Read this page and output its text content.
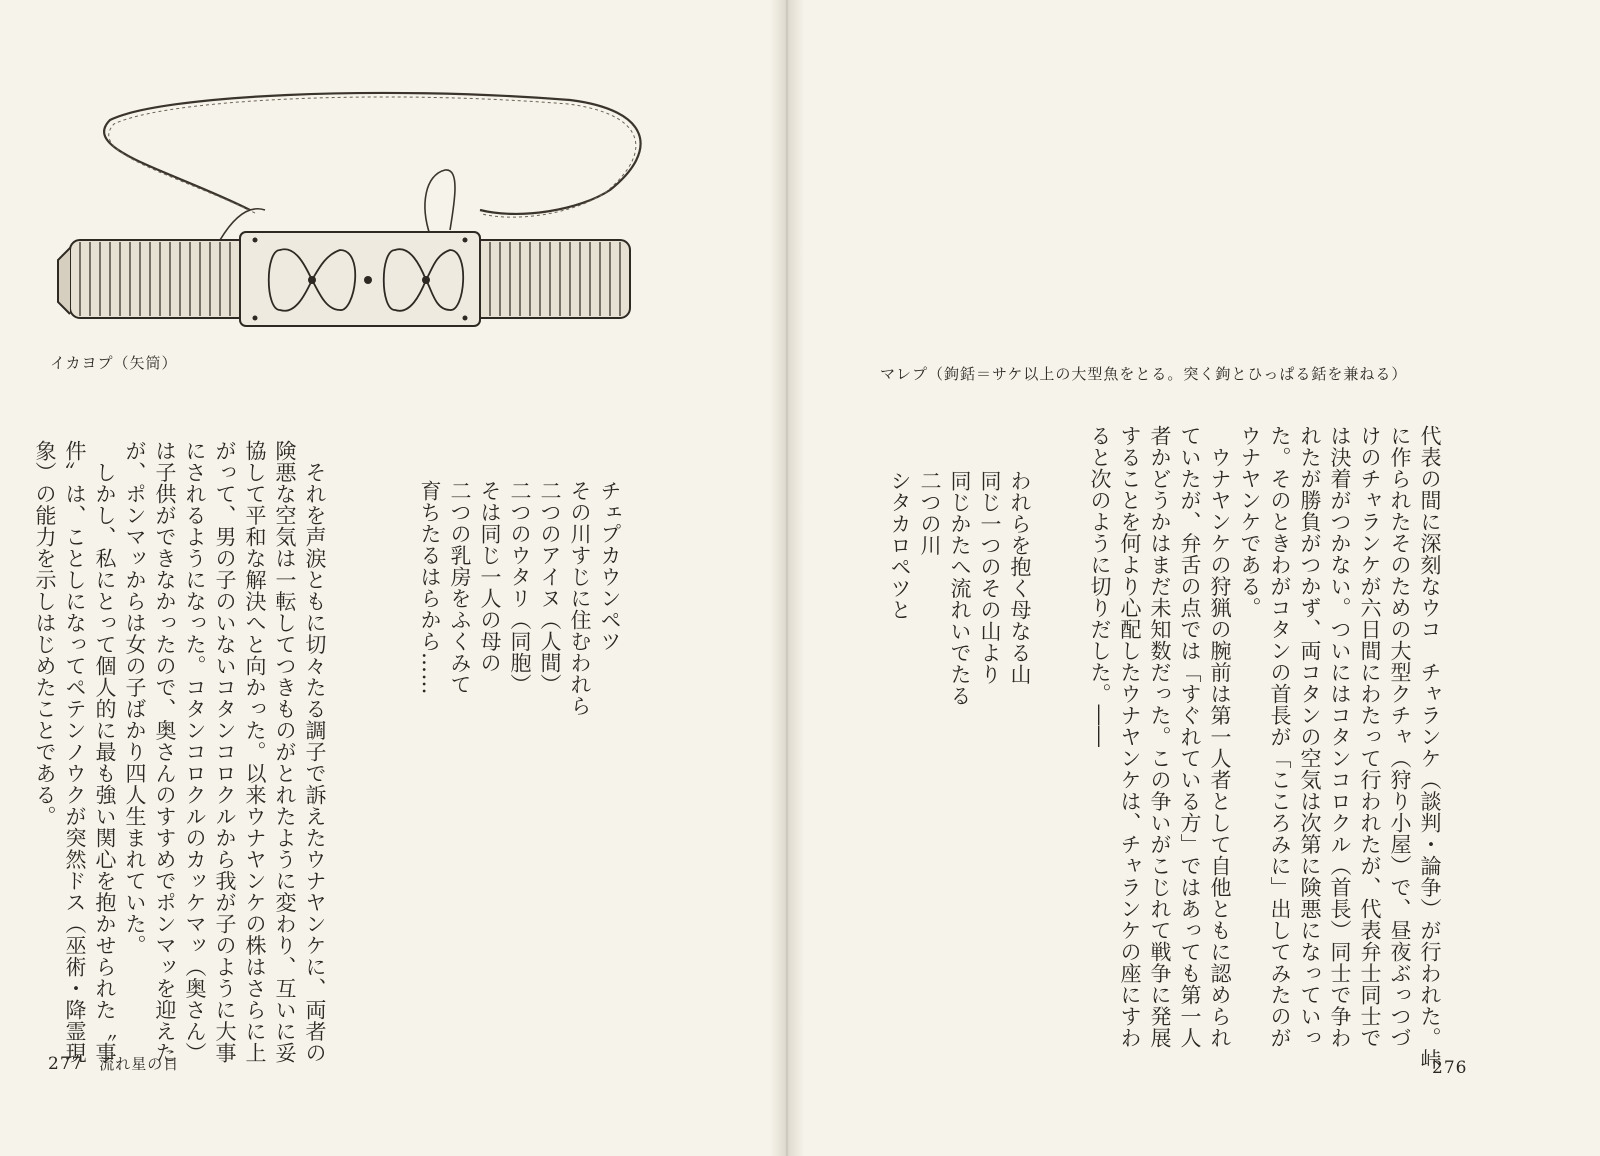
イカヨプ（矢筒）
チェプカウンペツ
その川すじに住むわれら
二つのアイヌ（人間）
二つのウタリ（同胞）
そは同じ一人の母の
二つの乳房をふくみて
育ちたるはらから……
　それを声涙ともに切々たる調子で訴えたウナヤンケに、両者の
険悪な空気は一転してつきものがとれたように変わり、互いに妥
協して平和な解決へと向かった。以来ウナヤンケの株はさらに上
がって、男の子のいないコタンコロクルから我が子のように大事
にされるようになった。コタンコロクルのカッケマッ（奥さん）
は子供ができなかったので、奥さんのすすめでポンマッを迎えた
が、ポンマッからは女の子ばかり四人生まれていた。
　しかし、私にとって個人的に最も強い関心を抱かせられた〝事
件〟は、ことしになってペテンノウクが突然ドス（巫術・降霊現
象）の能力を示しはじめたことである。
277 流れ星の日
マレプ（鉤銛＝サケ以上の大型魚をとる。突く鉤とひっぱる銛を兼ねる）
代表の間に深刻なウコ　チャランケ（談判・論争）が行われた。峠
に作られたそのための大型クチャ（狩り小屋）で、昼夜ぶっつづ
けのチャランケが六日間にわたって行われたが、代表弁士同士で
は決着がつかない。ついにはコタンコロクル（首長）同士で争わ
れたが勝負がつかず、両コタンの空気は次第に険悪になっていっ
た。そのときわがコタンの首長が「こころみに」出してみたのが
ウナヤンケである。
　ウナヤンケの狩猟の腕前は第一人者として自他ともに認められ
ていたが、弁舌の点では「すぐれている方」ではあっても第一人
者かどうかはまだ未知数だった。この争いがこじれて戦争に発展
することを何より心配したウナヤンケは、チャランケの座にすわ
ると次のように切りだした。――
われらを抱く母なる山
同じ一つのその山より
同じかたへ流れいでたる
二つの川
シタカロペツと
276
